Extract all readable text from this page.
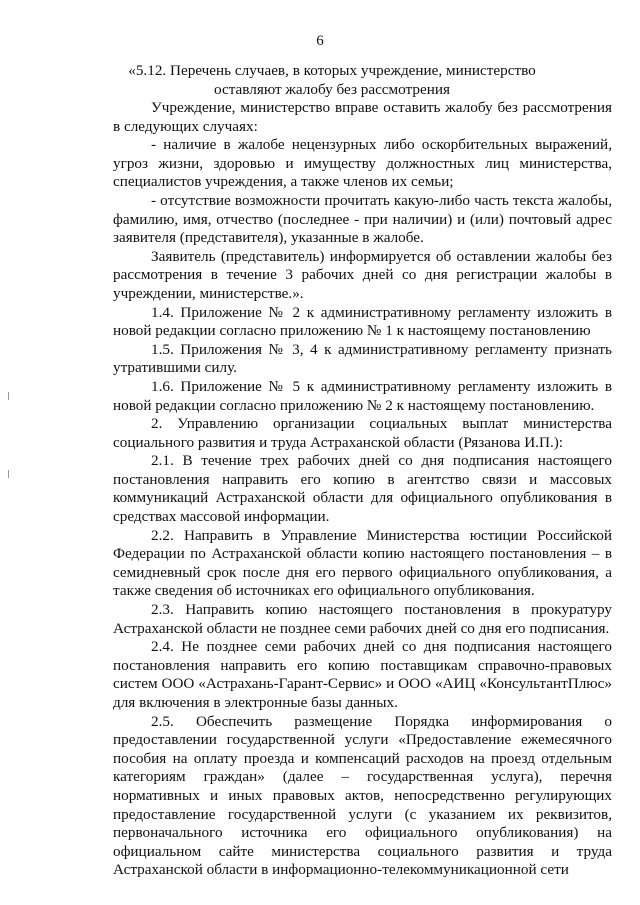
6
«5.12. Перечень случаев, в которых учреждение, министерство оставляют жалобу без рассмотрения

Учреждение, министерство вправе оставить жалобу без рассмотрения в следующих случаях:

- наличие в жалобе нецензурных либо оскорбительных выражений, угроз жизни, здоровью и имуществу должностных лиц министерства, специалистов учреждения, а также членов их семьи;

- отсутствие возможности прочитать какую-либо часть текста жалобы, фамилию, имя, отчество (последнее - при наличии) и (или) почтовый адрес заявителя (представителя), указанные в жалобе.

Заявитель (представитель) информируется об оставлении жалобы без рассмотрения в течение 3 рабочих дней со дня регистрации жалобы в учреждении, министерстве.».

1.4. Приложение № 2 к административному регламенту изложить в новой редакции согласно приложению № 1 к настоящему постановлению

1.5. Приложения № 3, 4 к административному регламенту признать утратившими силу.

1.6. Приложение № 5 к административному регламенту изложить в новой редакции согласно приложению № 2 к настоящему постановлению.

2. Управлению организации социальных выплат министерства социального развития и труда Астраханской области (Рязанова И.П.):

2.1. В течение трех рабочих дней со дня подписания настоящего постановления направить его копию в агентство связи и массовых коммуникаций Астраханской области для официального опубликования в средствах массовой информации.

2.2. Направить в Управление Министерства юстиции Российской Федерации по Астраханской области копию настоящего постановления – в семидневный срок после дня его первого официального опубликования, а также сведения об источниках его официального опубликования.

2.3. Направить копию настоящего постановления в прокуратуру Астраханской области не позднее семи рабочих дней со дня его подписания.

2.4. Не позднее семи рабочих дней со дня подписания настоящего постановления направить его копию поставщикам справочно-правовых систем ООО «Астрахань-Гарант-Сервис» и ООО «АИЦ «КонсультантПлюс» для включения в электронные базы данных.

2.5. Обеспечить размещение Порядка информирования о предоставлении государственной услуги «Предоставление ежемесячного пособия на оплату проезда и компенсаций расходов на проезд отдельным категориям граждан» (далее – государственная услуга), перечня нормативных и иных правовых актов, непосредственно регулирующих предоставление государственной услуги (с указанием их реквизитов, первоначального источника его официального опубликования) на официальном сайте министерства социального развития и труда Астраханской области в информационно-телекоммуникационной сети
